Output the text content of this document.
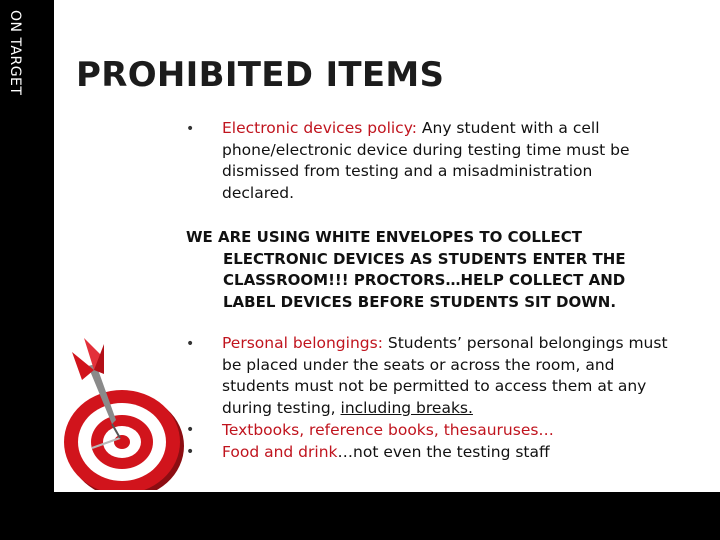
ON TARGET PROHIBITED ITEMS
• Electronic devices policy: Any student with a cell phone/electronic device during testing time must be dismissed from testing and a misadministration declared.
WE ARE USING WHITE ENVELOPES TO COLLECT ELECTRONIC DEVICES AS STUDENTS ENTER THE CLASSROOM!!! PROCTORS…HELP COLLECT AND LABEL DEVICES BEFORE STUDENTS SIT DOWN.
• Personal belongings: Students’ personal belongings must be placed under the seats or across the room, and students must not be permitted to access them at any during testing, including breaks.
• Textbooks, reference books, thesauruses…
• Food and drink…not even the testing staff
